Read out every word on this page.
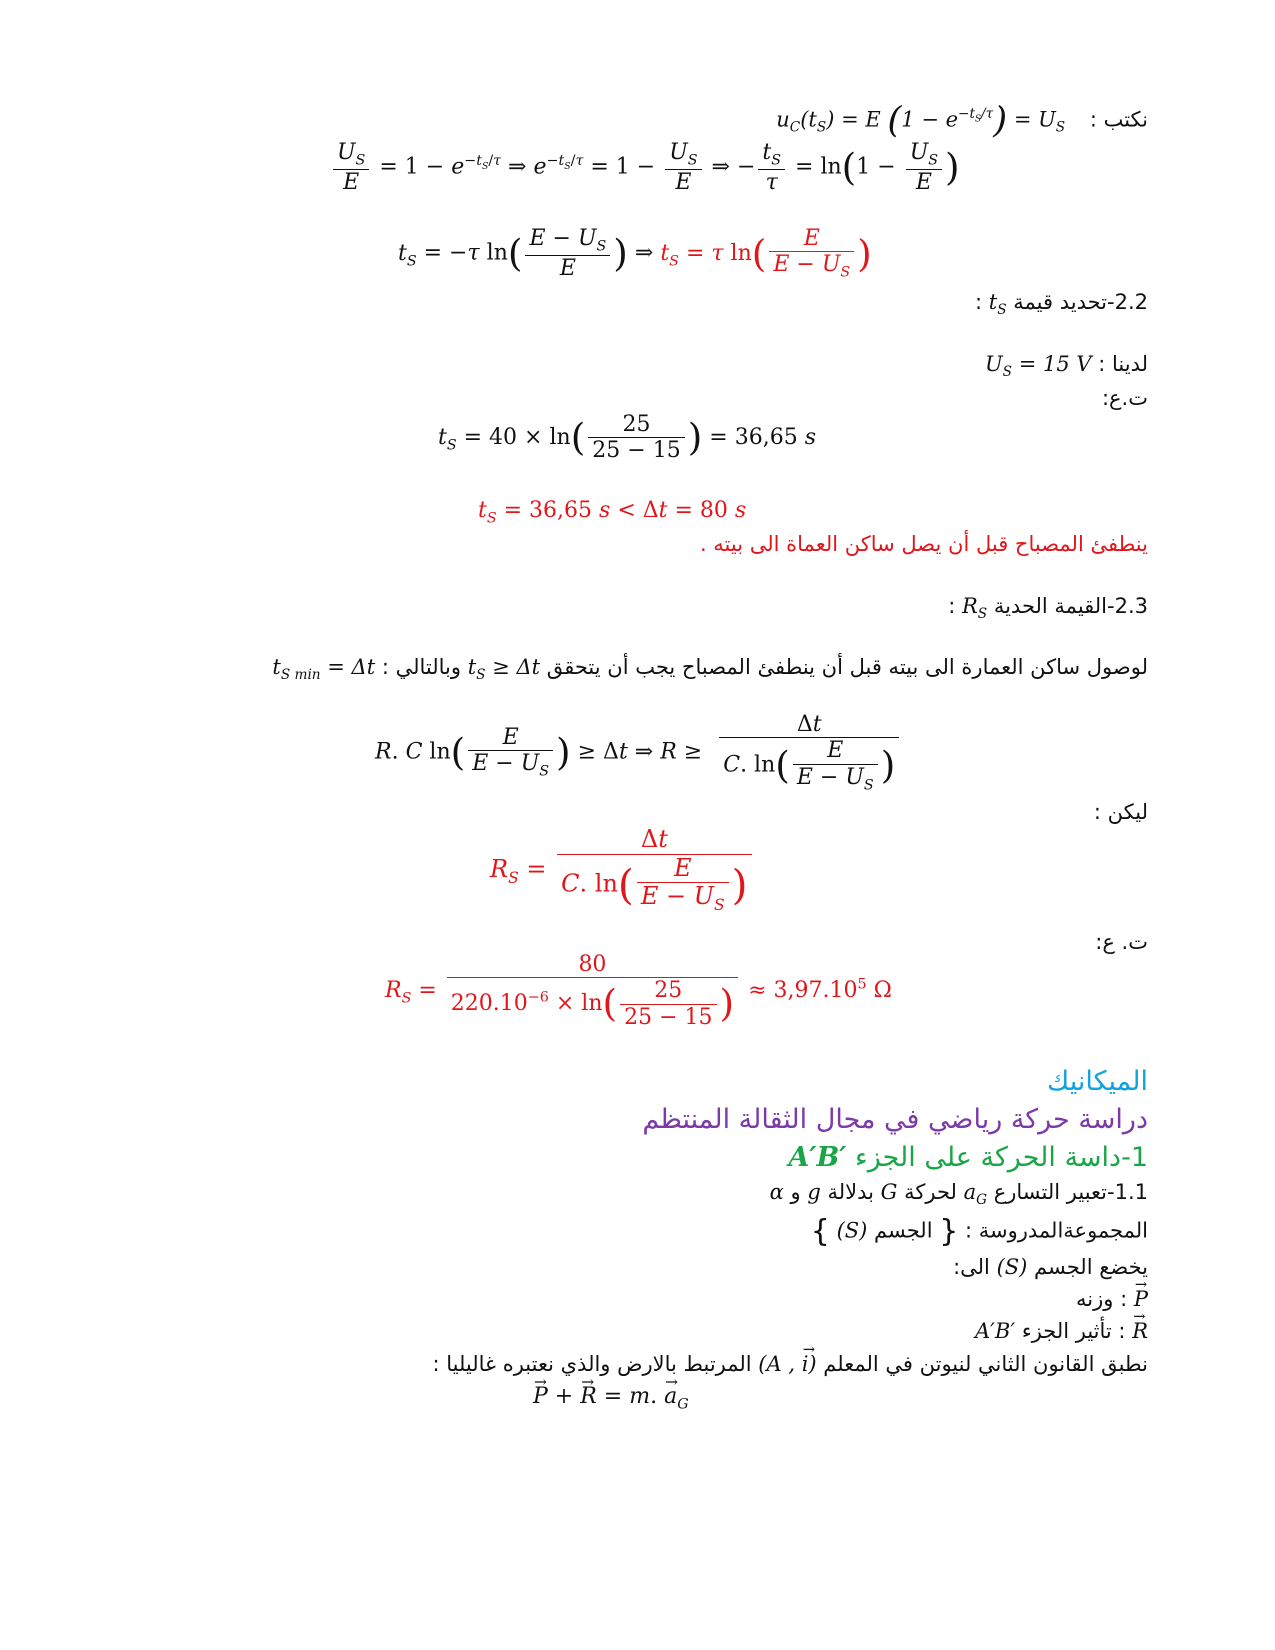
نكتب : $u_C(t_S) = E$ $(1 - e^{-t_S/\tau}) = U_S$
$\frac{U_S}{E} = 1 - e^{-t_S/\tau}$ ⇒ $e^{-t_S/\tau} = 1 - \frac{U_S}{E}$ ⇒ − $\frac{t_S}{\tau} = \ln(1 - \frac{U_S}{E}$ )
$t_S = -\tau$ $\ln( \frac{E - U_S}{E}$ ) ⇒ $t_S = \tau$ $\ln( \frac{E}{E - U_S}$ )
2.2-تحديد قيمة $t_S$ :
لدينا : $U_S = 15$ V
ت.ع:
$t_S = 40 \times \ln( \frac{25}{25 - 15}$ ) = 36,65 s
$t_S = 36,65$ s < Δt = 80 s
ينطفئ المصباح قبل أن يصل ساكن العماة الى بيته .
2.3-القيمة الحدية $R_S$ :
لوصول ساكن العمارة الى بيته قبل أن ينطفئ المصباح يجب أن يتحقق $t_S \ge \Delta t$ وبالتالي : $t_{S min} = \Delta t$
R. C $\ln( \frac{E}{E - U_S}$ ) ≥ Δt ⇒ $R \ge \frac{\Delta t}{C. \ln( \frac{E}{E - U_S} )}$
ليكن :
$R_S = \frac{\Delta t}{C. \ln( \frac{E}{E - U_S} )}$
ت. ع:
$R_S = \frac{80}{220.10^{-6} \times \ln( \frac{25}{25 - 15} )} \approx 3,97.10^5$ Ω
الميكانيك
دراسة حركة رياضي في مجال الثقالة المنتظم
1-داسة الحركة على الجزء A′B′
1.1-تعبير التسارع $a_G$ لحركة G بدلالة g و α
المجموعةالمدروسة : { الجسم (S) }
يخضع الجسم (S) الى:
P → : وزنه
R → : تأثير الجزء A′B′
نطبق القانون الثاني لنيوتن في المعلم (A , i →) المرتبط بالارض والذي نعتبره غاليليا :
P → + R → = m. $a \to_G$
